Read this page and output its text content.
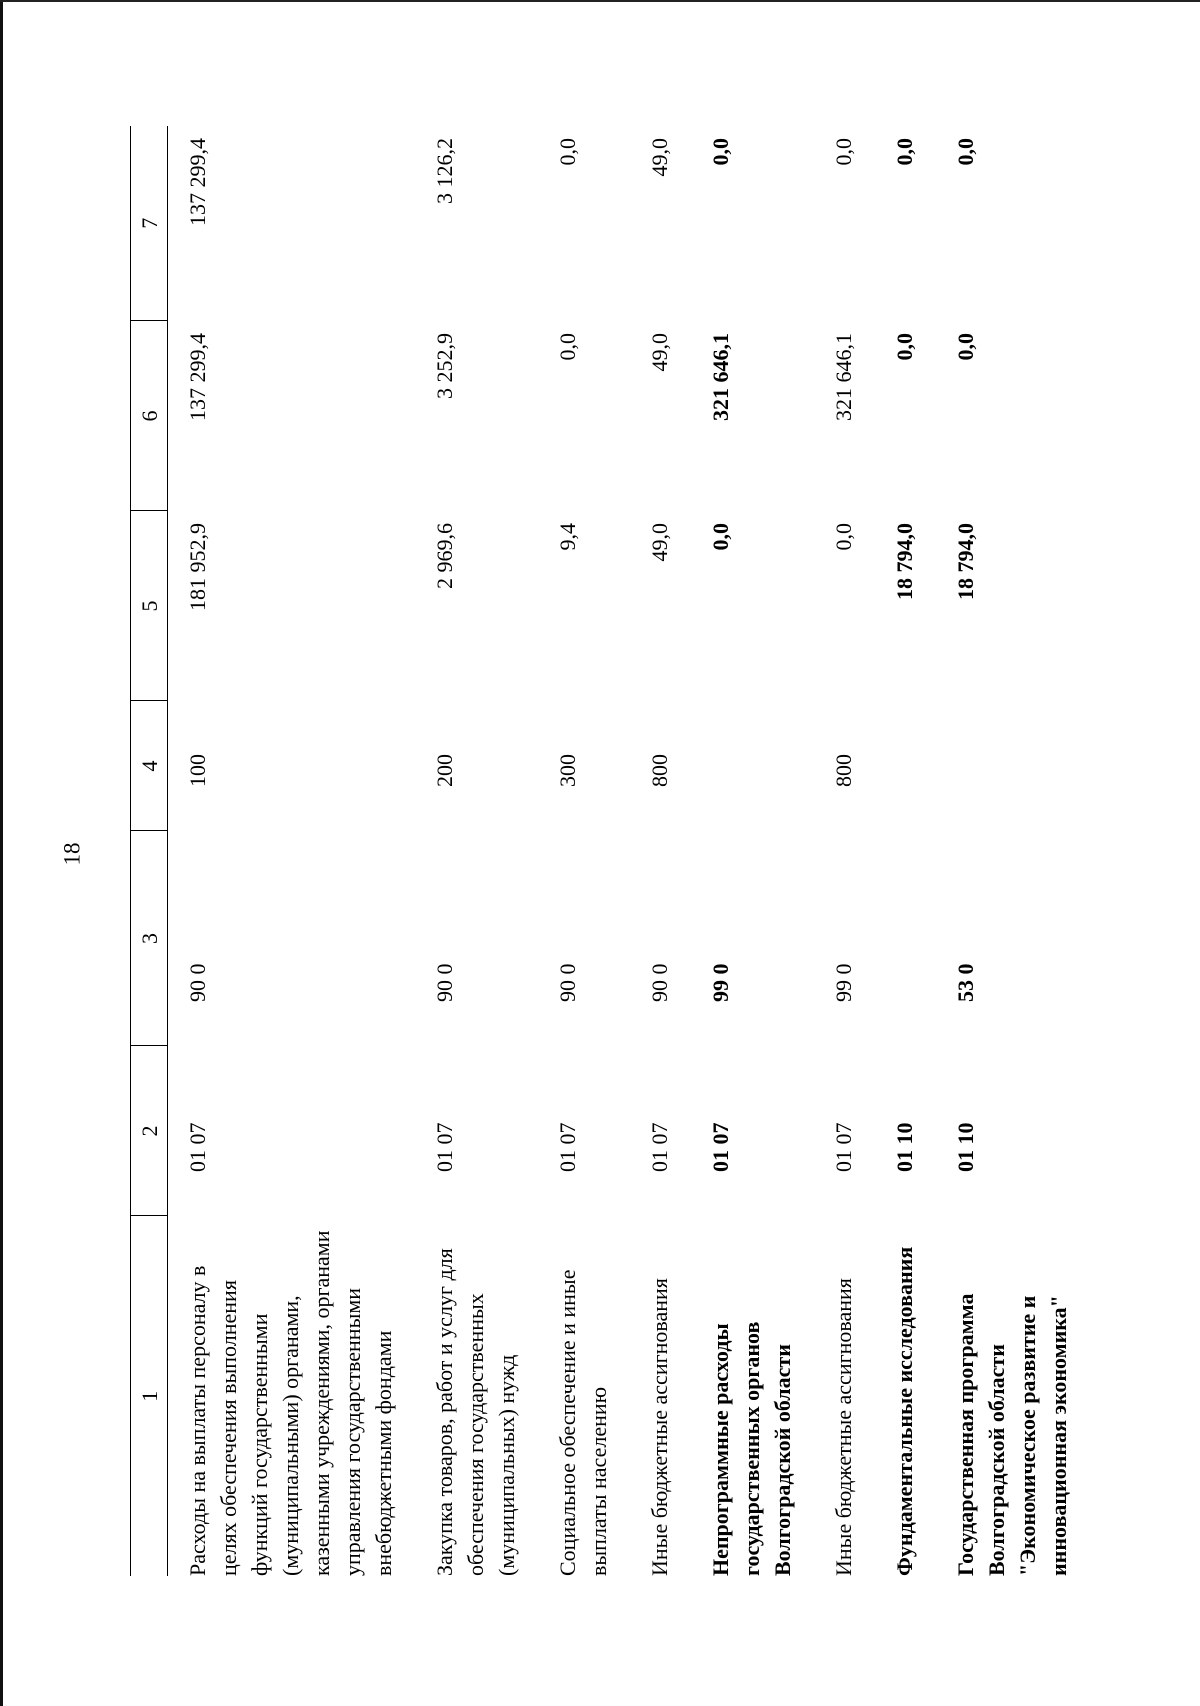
18
1	2	3	4	5	6	7

Расходы на выплаты персоналу в целях обеспечения выполнения функций государственными (муниципальными) органами, казенными учреждениями, органами управления государственными внебюджетными фондами	01 07	90 0	100	181 952,9	137 299,4	137 299,4
Закупка товаров, работ и услуг для обеспечения государственных (муниципальных) нужд	01 07	90 0	200	2 969,6	3 252,9	3 126,2
Социальное обеспечение и иные выплаты населению	01 07	90 0	300	9,4	0,0	0,0
Иные бюджетные ассигнования	01 07	90 0	800	49,0	49,0	49,0
Непрограммные расходы государственных органов Волгоградской области	01 07	99 0		0,0	321 646,1	0,0
Иные бюджетные ассигнования	01 07	99 0	800	0,0	321 646,1	0,0
Фундаментальные исследования	01 10			18 794,0	0,0	0,0
Государственная программа Волгоградской области "Экономическое развитие и инновационная экономика"	01 10	53 0		18 794,0	0,0	0,0
